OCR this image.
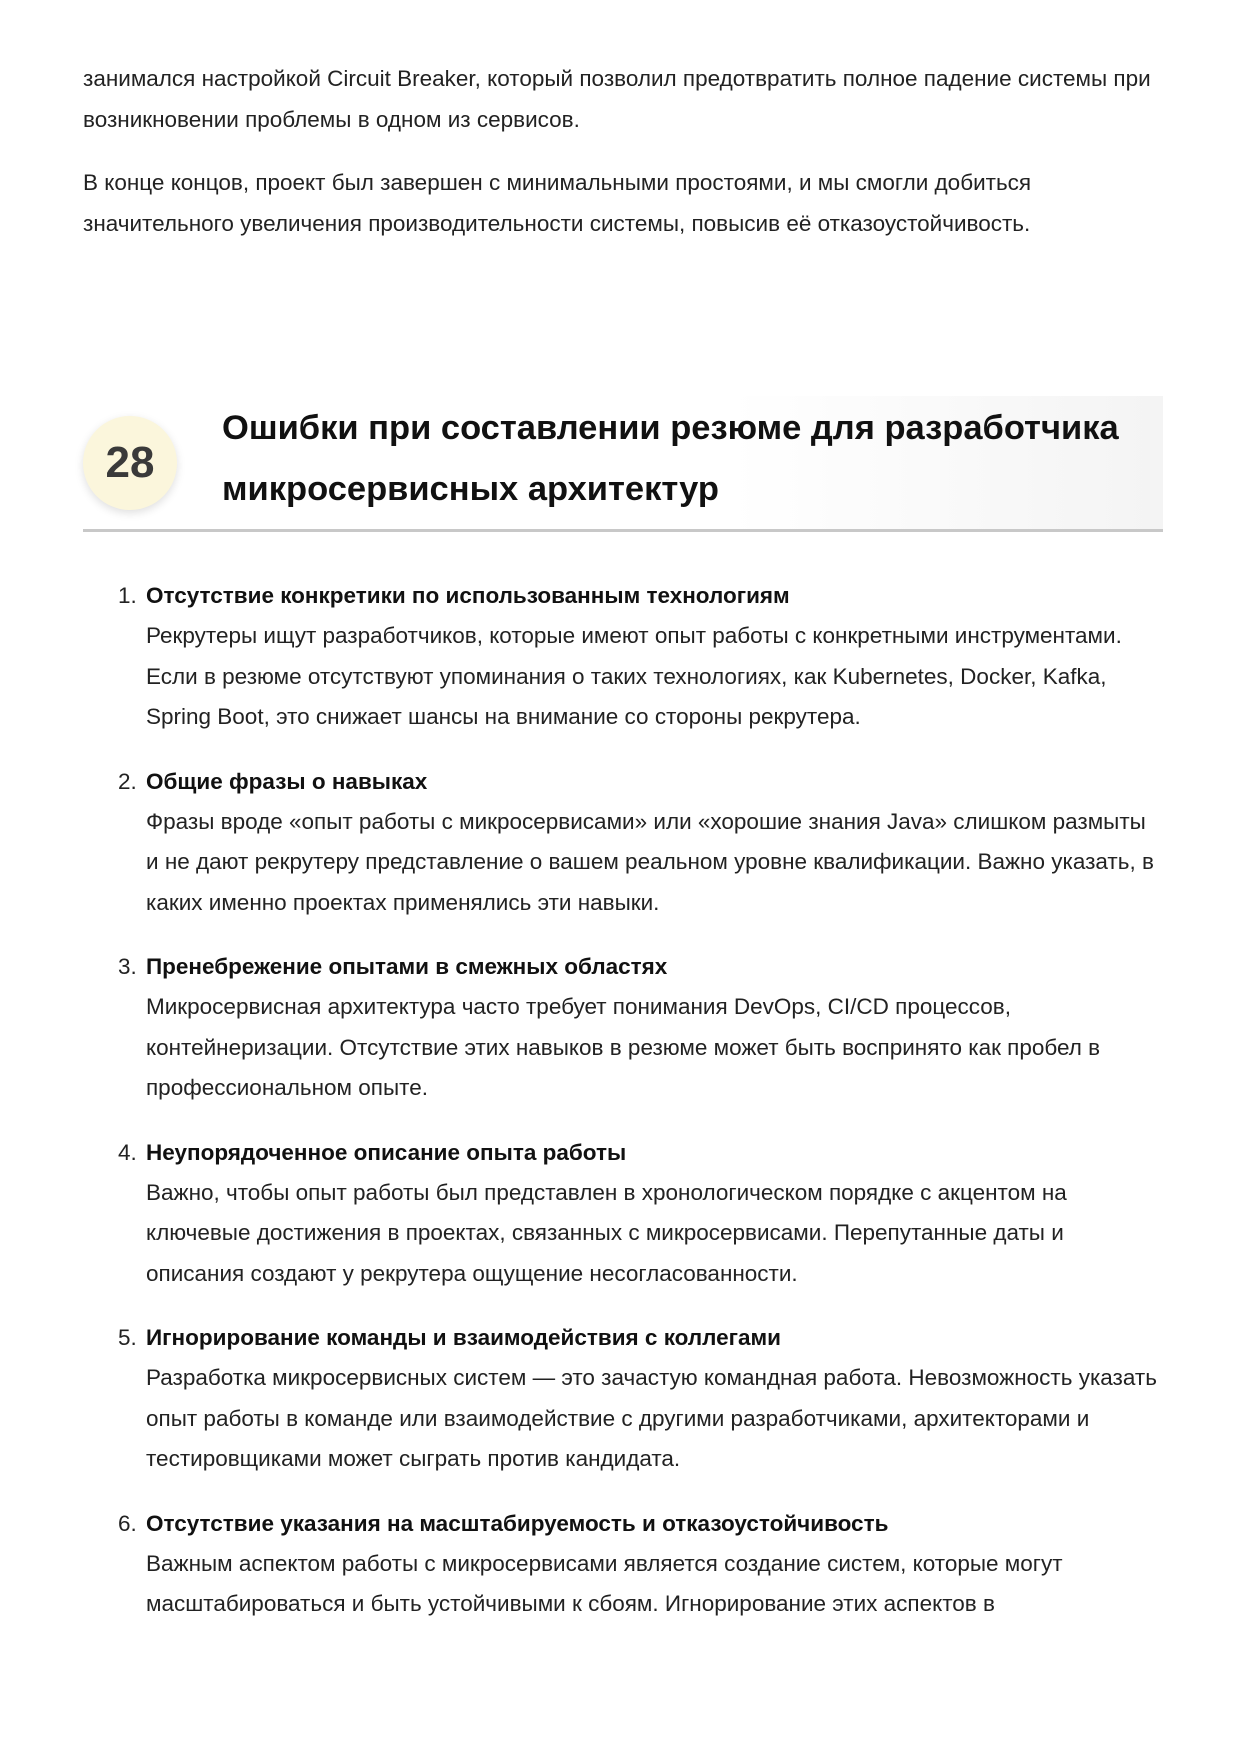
занимался настройкой Circuit Breaker, который позволил предотвратить полное падение системы при возникновении проблемы в одном из сервисов.

В конце концов, проект был завершен с минимальными простоями, и мы смогли добиться значительного увеличения производительности системы, повысив её отказоустойчивость.

28
Ошибки при составлении резюме для разработчика микросервисных архитектур
1. Отсутствие конкретики по использованным технологиям
Рекрутеры ищут разработчиков, которые имеют опыт работы с конкретными инструментами. Если в резюме отсутствуют упоминания о таких технологиях, как Kubernetes, Docker, Kafka, Spring Boot, это снижает шансы на внимание со стороны рекрутера.
2. Общие фразы о навыках
Фразы вроде «опыт работы с микросервисами» или «хорошие знания Java» слишком размыты и не дают рекрутеру представление о вашем реальном уровне квалификации. Важно указать, в каких именно проектах применялись эти навыки.
3. Пренебрежение опытами в смежных областях
Микросервисная архитектура часто требует понимания DevOps, CI/CD процессов, контейнеризации. Отсутствие этих навыков в резюме может быть воспринято как пробел в профессиональном опыте.
4. Неупорядоченное описание опыта работы
Важно, чтобы опыт работы был представлен в хронологическом порядке с акцентом на ключевые достижения в проектах, связанных с микросервисами. Перепутанные даты и описания создают у рекрутера ощущение несогласованности.
5. Игнорирование команды и взаимодействия с коллегами
Разработка микросервисных систем — это зачастую командная работа. Невозможность указать опыт работы в команде или взаимодействие с другими разработчиками, архитекторами и тестировщиками может сыграть против кандидата.
6. Отсутствие указания на масштабируемость и отказоустойчивость
Важным аспектом работы с микросервисами является создание систем, которые могут масштабироваться и быть устойчивыми к сбоям. Игнорирование этих аспектов в
